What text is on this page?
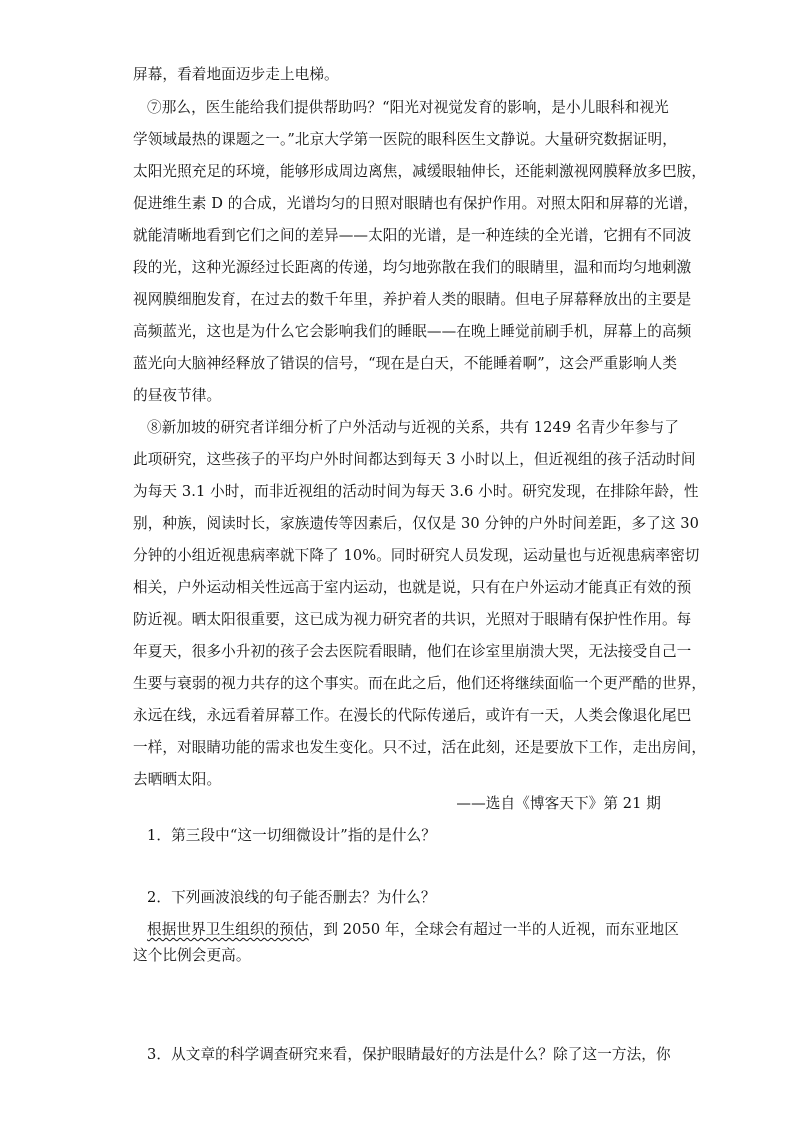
屏幕，看着地面迈步走上电梯。
⑦那么，医生能给我们提供帮助吗？“阳光对视觉发育的影响，是小儿眼科和视光
学领域最热的课题之一。”北京大学第一医院的眼科医生文静说。大量研究数据证明，
太阳光照充足的环境，能够形成周边离焦，减缓眼轴伸长，还能刺激视网膜释放多巴胺，
促进维生素 D 的合成，光谱均匀的日照对眼睛也有保护作用。对照太阳和屏幕的光谱，
就能清晰地看到它们之间的差异——太阳的光谱，是一种连续的全光谱，它拥有不同波
段的光，这种光源经过长距离的传递，均匀地弥散在我们的眼睛里，温和而均匀地刺激
视网膜细胞发育，在过去的数千年里，养护着人类的眼睛。但电子屏幕释放出的主要是
高频蓝光，这也是为什么它会影响我们的睡眠——在晚上睡觉前刷手机，屏幕上的高频
蓝光向大脑神经释放了错误的信号，“现在是白天，不能睡着啊”，这会严重影响人类
的昼夜节律。
⑧新加坡的研究者详细分析了户外活动与近视的关系，共有 1249 名青少年参与了
此项研究，这些孩子的平均户外时间都达到每天 3 小时以上，但近视组的孩子活动时间
为每天 3.1 小时，而非近视组的活动时间为每天 3.6 小时。研究发现，在排除年龄，性
别，种族，阅读时长，家族遗传等因素后，仅仅是 30 分钟的户外时间差距，多了这 30
分钟的小组近视患病率就下降了 10%。同时研究人员发现，运动量也与近视患病率密切
相关，户外运动相关性远高于室内运动，也就是说，只有在户外运动才能真正有效的预
防近视。晒太阳很重要，这已成为视力研究者的共识，光照对于眼睛有保护性作用。每
年夏天，很多小升初的孩子会去医院看眼睛，他们在诊室里崩溃大哭，无法接受自己一
生要与衰弱的视力共存的这个事实。而在此之后，他们还将继续面临一个更严酷的世界，
永远在线，永远看着屏幕工作。在漫长的代际传递后，或许有一天，人类会像退化尾巴
一样，对眼睛功能的需求也发生变化。只不过，活在此刻，还是要放下工作，走出房间，
去晒晒太阳。
——选自《博客天下》第 21 期
1．第三段中“这一切细微设计”指的是什么？
2．下列画波浪线的句子能否删去？为什么？
根据世界卫生组织的预估，到 2050 年，全球会有超过一半的人近视，而东亚地区
这个比例会更高。
3．从文章的科学调查研究来看，保护眼睛最好的方法是什么？除了这一方法，你
